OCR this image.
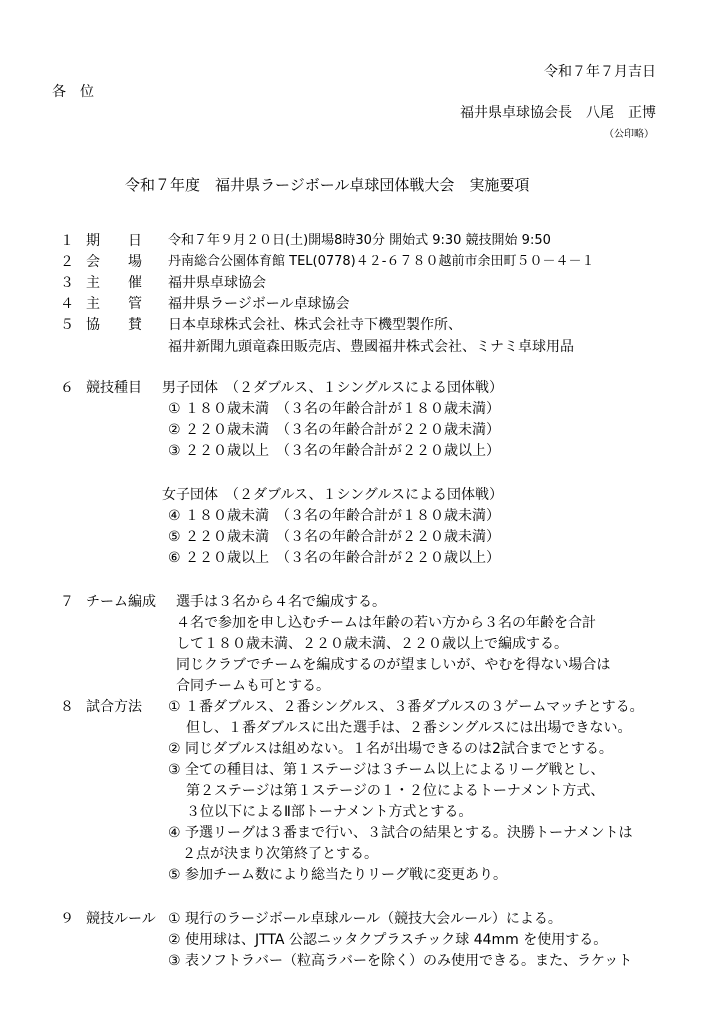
令和７年７月吉日
各　位
福井県卓球協会長　八尾　正博
（公印略）
令和７年度　福井県ラージボール卓球団体戦大会　実施要項
１ 期　　日 令和７年９月２０日(土)開場8時30分 開始式 9:30 競技開始 9:50
２ 会　　場 丹南総合公園体育館 TEL(0778)４２-６７８０越前市余田町５０－４－１
３ 主　　催 福井県卓球協会
４ 主　　管 福井県ラージボール卓球協会
５ 協　　賛 日本卓球株式会社、株式会社寺下機型製作所、
福井新聞九頭竜森田販売店、豊國福井株式会社、ミナミ卓球用品
６ 競技種目 男子団体　（２ダブルス、１シングルスによる団体戦）
① １８０歳未満　（３名の年齢合計が１８０歳未満）
② ２２０歳未満　（３名の年齢合計が２２０歳未満）
③ ２２０歳以上　（３名の年齢合計が２２０歳以上）
女子団体　（２ダブルス、１シングルスによる団体戦）
④ １８０歳未満　（３名の年齢合計が１８０歳未満）
⑤ ２２０歳未満　（３名の年齢合計が２２０歳未満）
⑥ ２２０歳以上　（３名の年齢合計が２２０歳以上）
７ チーム編成 選手は３名から４名で編成する。
４名で参加を申し込むチームは年齢の若い方から３名の年齢を合計
して１８０歳未満、２２０歳未満、２２０歳以上で編成する。
同じクラブでチームを編成するのが望ましいが、やむを得ない場合は
合同チームも可とする。
８ 試合方法 ① １番ダブルス、２番シングルス、３番ダブルスの３ゲームマッチとする。
但し、１番ダブルスに出た選手は、２番シングルスには出場できない。
② 同じダブルスは組めない。１名が出場できるのは2試合までとする。
③ 全ての種目は、第１ステージは３チーム以上によるリーグ戦とし、
第２ステージは第１ステージの１・２位によるトーナメント方式、
３位以下によるⅡ部トーナメント方式とする。
④ 予選リーグは３番まで行い、３試合の結果とする。決勝トーナメントは
２点が決まり次第終了とする。
⑤ 参加チーム数により総当たりリーグ戦に変更あり。
９ 競技ルール ① 現行のラージボール卓球ルール（競技大会ルール）による。
② 使用球は、JTTA 公認ニッタクプラスチック球 44mm を使用する。
③ 表ソフトラバー（粒高ラバーを除く）のみ使用できる。また、ラケット
